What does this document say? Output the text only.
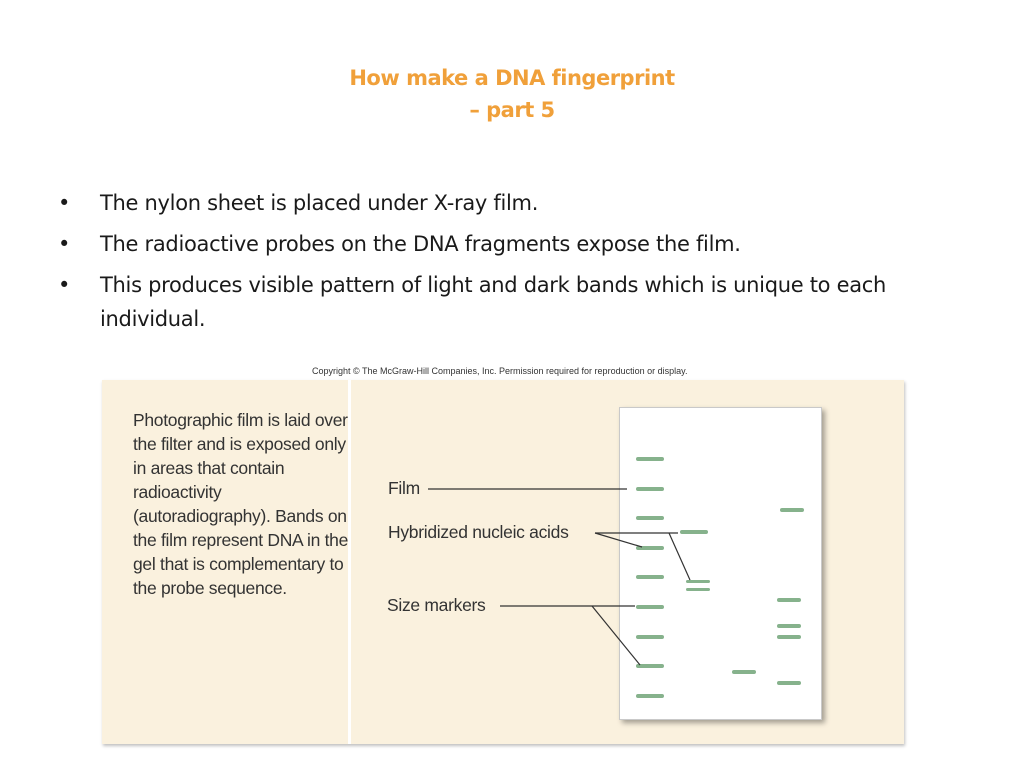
How make a DNA fingerprint
– part 5
• The nylon sheet is placed under X-ray film.
• The radioactive probes on the DNA fragments expose the film.
• This produces visible pattern of light and dark bands which is unique to each individual.
Copyright © The McGraw-Hill Companies, Inc. Permission required for reproduction or display.
Photographic film is laid over the filter and is exposed only in areas that contain radioactivity (autoradiography). Bands on the film represent DNA in the gel that is complementary to the probe sequence.
Film
Hybridized nucleic acids
Size markers
